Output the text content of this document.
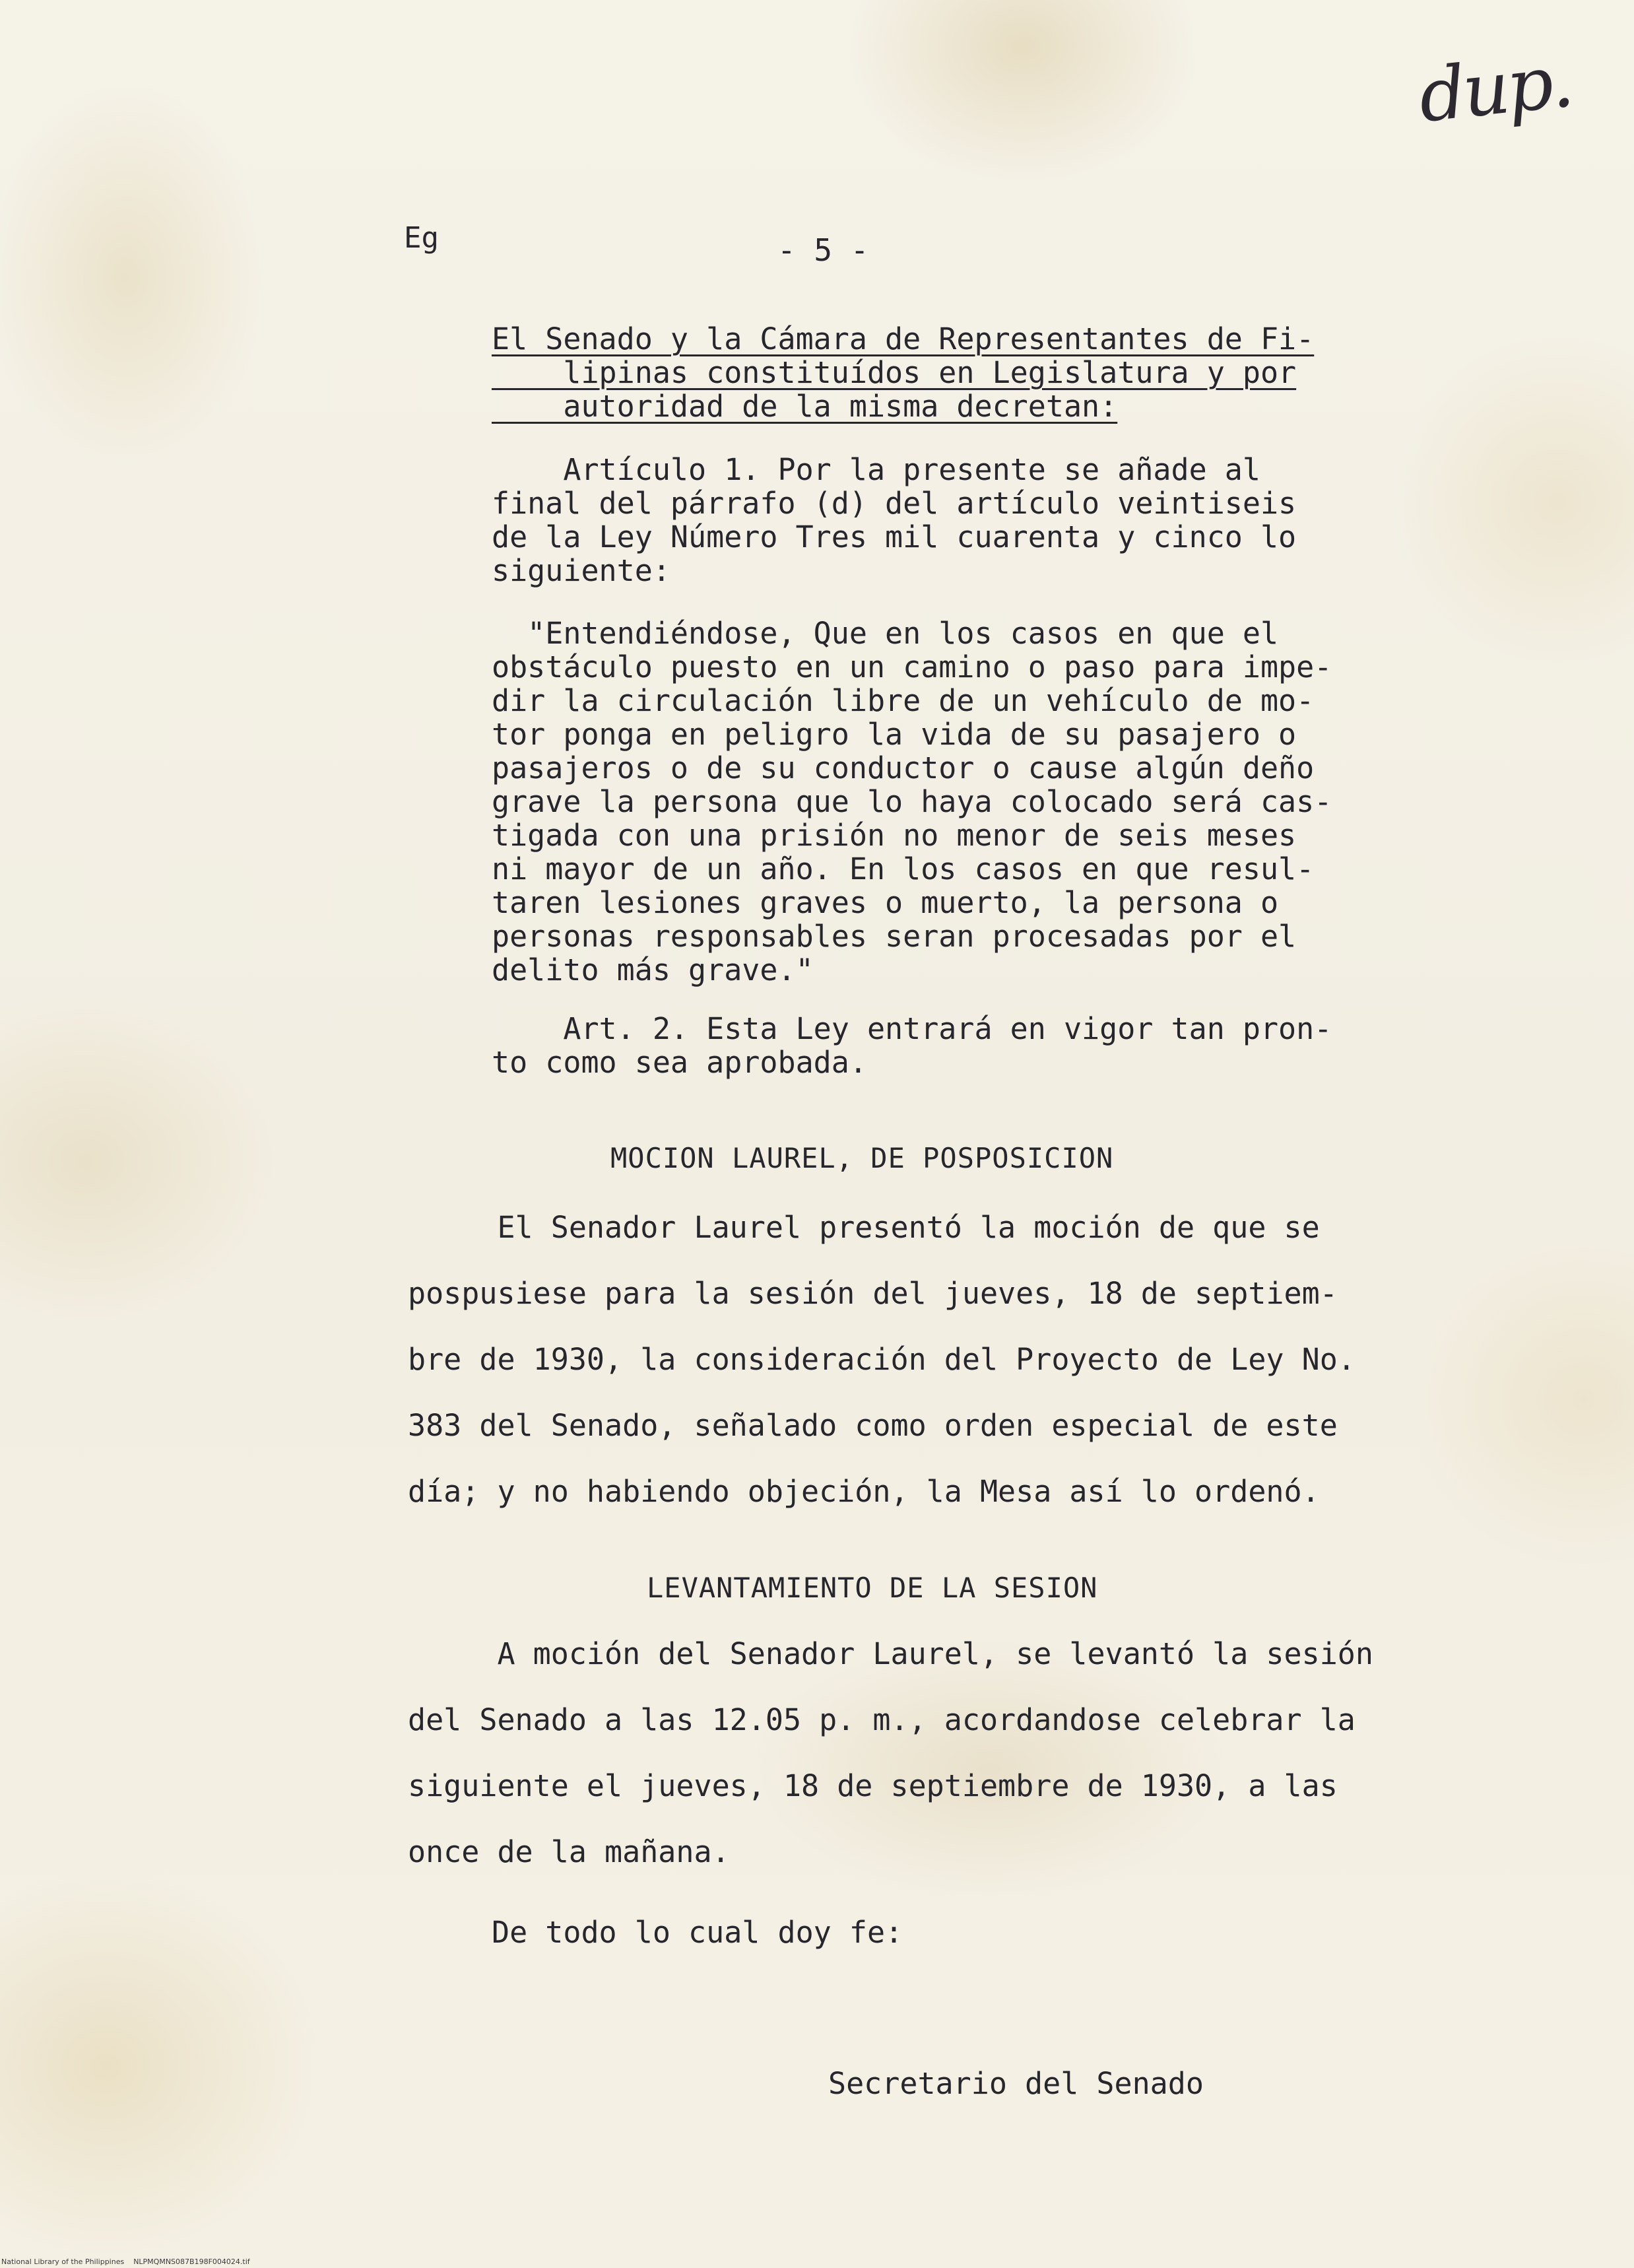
dup.
Eg	- 5 -

El Senado y la Cámara de Representantes de Fi-
lipinas constituídos en Legislatura y por
autoridad de la misma decretan:

Artículo 1. Por la presente se añade al
final del párrafo (d) del artículo veintiseis
de la Ley Número Tres mil cuarenta y cinco lo
siguiente:

"Entendiéndose, Que en los casos en que el
obstáculo puesto en un camino o paso para impe-
dir la circulación libre de un vehículo de mo-
tor ponga en peligro la vida de su pasajero o
pasajeros o de su conductor o cause algún deño
grave la persona que lo haya colocado será cas-
tigada con una prisión no menor de seis meses
ni mayor de un año. En los casos en que resul-
taren lesiones graves o muerto, la persona o
personas responsables seran procesadas por el
delito más grave."

Art. 2. Esta Ley entrará en vigor tan pron-
to como sea aprobada.

MOCION LAUREL, DE POSPOSICION

El Senador Laurel presentó la moción de que se
pospusiese para la sesión del jueves, 18 de septiem-
bre de 1930, la consideración del Proyecto de Ley No.
383 del Senado, señalado como orden especial de este
día; y no habiendo objeción, la Mesa así lo ordenó.

LEVANTAMIENTO DE LA SESION

A moción del Senador Laurel, se levantó la sesión
del Senado a las 12.05 p. m., acordandose celebrar la
siguiente el jueves, 18 de septiembre de 1930, a las
once de la mañana.

De todo lo cual doy fe:

Secretario del Senado
National Library of the Philippines    NLPMQMNS087B198F004024.tif
